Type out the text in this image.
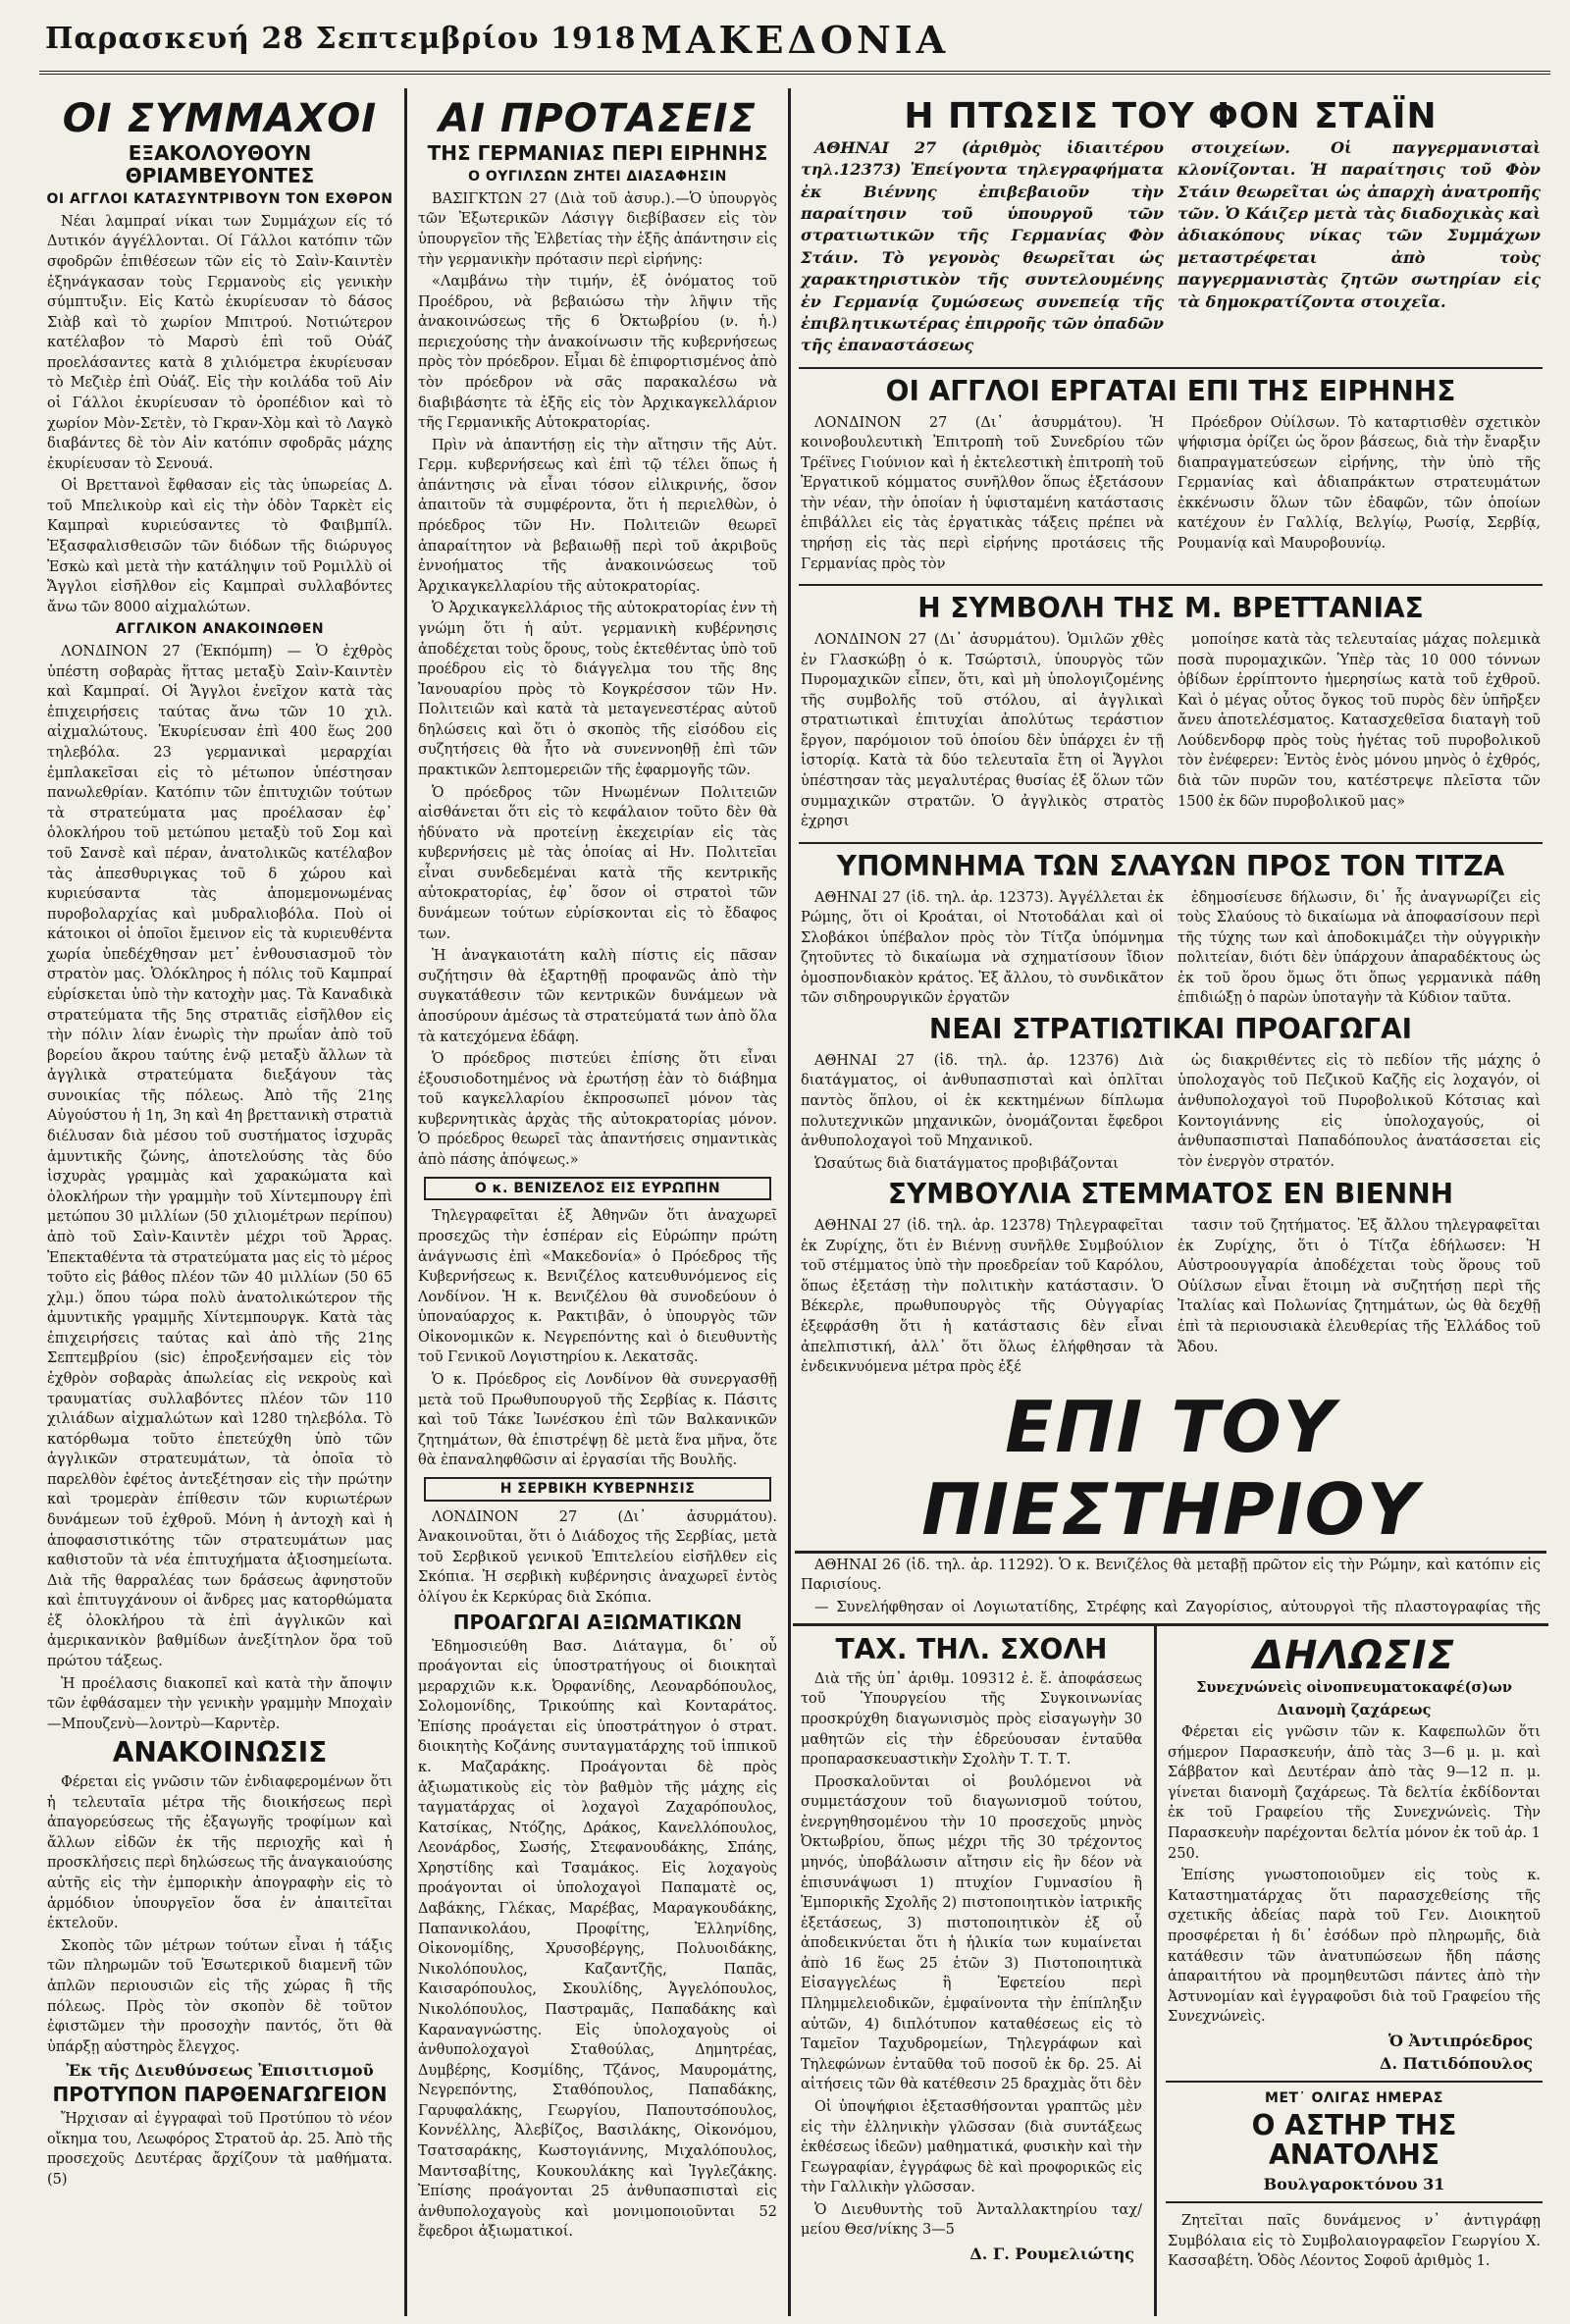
Παρασκευή 28 Σεπτεμβρίου 1918 ΜΑΚΕΔΟΝΙΑ
ΟΙ ΣΥΜΜΑΧΟΙ
ΕΞΑΚΟΛΟΥΘΟΥΝ ΘΡΙΑΜΒΕΥΟΝΤΕΣ
ΟΙ ΑΓΓΛΟΙ ΚΑΤΑΣΥΝΤΡΙΒΟΥΝ ΤΟΝ ΕΧΘΡΟΝ

Νέαι λαμπραί νίκαι των Συμμάχων είς τό Δυτικόν άγγέλλονται. Οί Γάλλοι κατόπιν τῶν σφοδρῶν ἐπιθέσεων τῶν εἰς τὸ Σαὶν-Καιντὲν ἐξηνάγκασαν τοὺς Γερμανοὺς εἰς γενικὴν σύμπτυξιν. Εἰς Κατὼ ἐκυρίευσαν τὸ δάσος Σιὰβ καὶ τὸ χωρίον Μπιτρού. Νοτιώτερον κατέλαβον τὸ Μαρσὺ ἐπὶ τοῦ Οὐάζ προελάσαντες κατὰ 8 χιλιόμετρα ἐκυρίευσαν τὸ Μεζιὲρ ἐπὶ Οὐάζ. Εἰς τὴν κοιλάδα τοῦ Αἰν οἱ Γάλλοι ἐκυρίευσαν τὸ ὀροπέδιον καὶ τὸ χωρίον Μὸν-Σετὲν, τὸ Γκραν-Χὸμ καὶ τὸ Λαγκὸ διαβάντες δὲ τὸν Αἰν κατόπιν σφοδρᾶς μάχης ἐκυρίευσαν τὸ Σενουά.

Οἱ Βρεττανοὶ ἔφθασαν εἰς τὰς ὑπωρείας Δ. τοῦ Μπελικοὺρ καὶ εἰς τὴν ὁδὸν Ταρκὲτ εἰς Καμπραὶ κυριεύσαντες τὸ Φαιβμπίλ. Ἐξασφαλισθεισῶν τῶν διόδων τῆς διώρυγος Ἐσκὼ καὶ μετὰ τὴν κατάληψιν τοῦ Ρομιλλὺ οἱ Ἄγγλοι εἰσῆλθον εἰς Καμπραὶ συλλαβόντες ἄνω τῶν 8000 αἰχμαλώτων.

ΑΓΓΛΙΚΟΝ ΑΝΑΚΟΙΝΩΘΕΝ

ΛΟΝΔΙΝΟΝ 27 (Ἐκπόμπη) — Ὁ ἐχθρὸς ὑπέστη σοβαρὰς ἥττας μεταξὺ Σαὶν-Καιντὲν καὶ Καμπραί. Οἱ Ἄγγλοι ἐνεῖχον κατὰ τὰς ἐπιχειρήσεις ταύτας ἄνω τῶν 10 χιλ. αἰχμαλώτους. Ἐκυρίευσαν ἐπὶ 400 ἕως 200 τηλεβόλα. 23 γερμανικαὶ μεραρχίαι ἐμπλακεῖσαι εἰς τὸ μέτωπον ὑπέστησαν πανωλεθρίαν. Κατόπιν τῶν ἐπιτυχιῶν τούτων τὰ στρατεύματα μας προέλασαν ἐφ᾽ ὁλοκλήρου τοῦ μετώπου μεταξὺ τοῦ Σομ καὶ τοῦ Σανσὲ καὶ πέραν, ἀνατολικῶς κατέλαβον τὰς ἀπεσθυριγκας τοῦ δ χώρου καὶ κυριεύσαντα τὰς ἀπομεμονωμένας πυροβολαρχίας καὶ μυδραλιοβόλα. Ποὺ οἱ κάτοικοι οἱ ὁποῖοι ἔμεινον εἰς τὰ κυριευθέντα χωρία ὑπεδέχθησαν μετ᾽ ἐνθουσιασμοῦ τὸν στρατὸν μας. Ὁλόκληρος ἡ πόλις τοῦ Καμπραί εὑρίσκεται ὑπὸ τὴν κατοχὴν μας. Τὰ Καναδικὰ στρατεύματα τῆς 5ης στρατιᾶς εἰσῆλθον εἰς τὴν πόλιν λίαν ἐνωρὶς τὴν πρωΐαν ἀπὸ τοῦ βορείου ἄκρου ταύτης ἐνῷ μεταξὺ ἄλλων τὰ ἀγγλικὰ στρατεύματα διεξάγουν τὰς συνοικίας τῆς πόλεως. Ἀπὸ τῆς 21ης Αὐγούστου ἡ 1η, 3η καὶ 4η βρεττανικὴ στρατιὰ διέλυσαν διὰ μέσου τοῦ συστήματος ἰσχυρᾶς ἀμυντικῆς ζώνης, ἀποτελούσης τὰς δύο ἰσχυρὰς γραμμὰς καὶ χαρακώματα καὶ ὀλοκλήρων τὴν γραμμὴν τοῦ Χίντεμπουργ ἐπὶ μετώπου 30 μιλλίων (50 χιλιομέτρων περίπου) ἀπὸ τοῦ Σαὶν-Καιντὲν μέχρι τοῦ Ἄρρας. Ἐπεκταθέντα τὰ στρατεύματα μας εἰς τὸ μέρος τοῦτο εἰς βάθος πλέον τῶν 40 μιλλίων (50 65 χλμ.) ὅπου τώρα πολὺ ἀνατολικώτερον τῆς ἀμυντικῆς γραμμῆς Χίντεμπουργκ. Κατὰ τὰς ἐπιχειρήσεις ταύτας καὶ ἀπὸ τῆς 21ης Σεπτεμβρίου (sic) ἐπροξενήσαμεν εἰς τὸν ἐχθρὸν σοβαρὰς ἀπωλείας εἰς νεκροὺς καὶ τραυματίας συλλαβόντες πλέον τῶν 110 χιλιάδων αἰχμαλώτων καὶ 1280 τηλεβόλα. Τὸ κατόρθωμα τοῦτο ἐπετεύχθη ὑπὸ τῶν ἀγγλικῶν στρατευμάτων, τὰ ὁποῖα τὸ παρελθὸν ἐφέτος ἀντεξέτησαν εἰς τὴν πρώτην καὶ τρομερὰν ἐπίθεσιν τῶν κυριωτέρων δυνάμεων τοῦ ἐχθροῦ. Μόνη ἡ ἀντοχὴ καὶ ἡ ἀποφασιστικότης τῶν στρατευμάτων μας καθιστοῦν τὰ νέα ἐπιτυχήματα ἀξιοσημείωτα. Διὰ τῆς θαρραλέας των δράσεως ἀφνηστοῦν καὶ ἐπιτυγχάνουν οἱ ἄνδρες μας κατορθώματα ἐξ ὁλοκλήρου τὰ ἐπὶ ἀγγλικῶν καὶ ἀμερικανικὸν βαθμίδων ἀνεξίτηλον ὅρα τοῦ πρώτου τάξεως.

Ἡ προέλασις διακοπεῖ καὶ κατὰ τὴν ἄποψιν τῶν ἐφθάσαμεν τὴν γενικὴν γραμμὴν Μποχαὶν—Μπουζενὺ—λοντρὺ—Καρντὲρ.

ΑΝΑΚΟΙΝΩΣΙΣ

Φέρεται εἰς γνῶσιν τῶν ἐνδιαφερομένων ὅτι ἡ τελευταῖα μέτρα τῆς διοικήσεως περὶ ἀπαγορεύσεως τῆς ἐξαγωγῆς τροφίμων καὶ ἄλλων εἰδῶν ἐκ τῆς περιοχῆς καὶ ἡ προσκλήσεις περὶ δηλώσεως τῆς ἀναγκαιούσης αὐτῆς εἰς τὴν ἐμπορικὴν ἀπογραφὴν εἰς τὸ ἀρμόδιον ὑπουργεῖον ὅσα ἐν ἀπαιτεῖται ἐκτελοῦν.

Σκοπὸς τῶν μέτρων τούτων εἶναι ἡ τάξις τῶν πληρωμῶν τοῦ Ἐσωτερικοῦ διαμενῆ τῶν ἀπλῶν περιουσιῶν εἰς τῆς χώρας ἢ τῆς πόλεως. Πρὸς τὸν σκοπὸν δὲ τοῦτον ἐφιστῶμεν τὴν προσοχὴν παντός, ὅτι θὰ ὑπάρξῃ αὐστηρὸς ἔλεγχος.

Ἐκ τῆς Διευθύνσεως Ἐπισιτισμοῦ
ΠΡΟΤΥΠΟΝ ΠΑΡΘΕΝΑΓΩΓΕΙΟΝ

Ἤρχισαν αἱ ἐγγραφαὶ τοῦ Προτύπου τὸ νέον οἴκημα του, Λεωφόρος Στρατοῦ ἀρ. 25. Ἀπὸ τῆς προσεχοῦς Δευτέρας ἄρχίζουν τὰ μαθήματα. (5)

ΑΙ ΠΡΟΤΑΣΕΙΣ
ΤΗΣ ΓΕΡΜΑΝΙΑΣ ΠΕΡΙ ΕΙΡΗΝΗΣ
Ο ΟΥΓΙΛΣΩΝ ΖΗΤΕΙ ΔΙΑΣΑΦΗΣΙΝ

ΒΑΣΙΓΚΤΩΝ 27 (Διὰ τοῦ ἀσυρ.).—Ὁ ὑπουργὸς τῶν Ἐξωτερικῶν Λάσιγγ διεβίβασεν εἰς τὸν ὑπουργεῖον τῆς Ἐλβετίας τὴν ἑξῆς ἀπάντησιν εἰς τὴν γερμανικὴν πρότασιν περὶ εἰρήνης:

«Λαμβάνω τὴν τιμήν, ἐξ ὀνόματος τοῦ Προέδρου, νὰ βεβαιώσω τὴν λῆψιν τῆς ἀνακοινώσεως τῆς 6 Ὀκτωβρίου (ν. ἡ.) περιεχούσης τὴν ἀνακοίνωσιν τῆς κυβερνήσεως πρὸς τὸν πρόεδρον. Εἶμαι δὲ ἐπιφορτισμένος ἀπὸ τὸν πρόεδρον νὰ σᾶς παρακαλέσω νὰ διαβιβάσητε τὰ ἑξῆς εἰς τὸν Ἀρχικαγκελλάριον τῆς Γερμανικῆς Αὐτοκρατορίας.

Πρὶν νὰ ἀπαντήσῃ εἰς τὴν αἴτησιν τῆς Αὐτ. Γερμ. κυβερνήσεως καὶ ἐπὶ τῷ τέλει ὅπως ἡ ἀπάντησις νὰ εἶναι τόσον εἰλικρινής, ὅσον ἀπαιτοῦν τὰ συμφέροντα, ὅτι ἡ περιελθὼν, ὁ πρόεδρος τῶν Ην. Πολιτειῶν θεωρεῖ ἀπαραίτητον νὰ βεβαιωθῇ περὶ τοῦ ἀκριβοῦς ἐννοήματος τῆς ἀνακοινώσεως τοῦ Ἀρχικαγκελλαρίου τῆς αὐτοκρατορίας.

Ὁ Ἀρχικαγκελλάριος τῆς αὐτοκρατορίας ἐνν τὴ γνώμη ὅτι ἡ αὐτ. γερμανικὴ κυβέρνησις ἀποδέχεται τοὺς ὅρους, τοὺς ἐκτεθέντας ὑπὸ τοῦ προέδρου εἰς τὸ διάγγελμα του τῆς 8ης Ἰανουαρίου πρὸς τὸ Κογκρέσσον τῶν Ην. Πολιτειῶν καὶ κατὰ τὰ μεταγενεστέρας αὐτοῦ δηλώσεις καὶ ὅτι ὁ σκοπὸς τῆς εἰσόδου εἰς συζητήσεις θὰ ἦτο νὰ συνεννοηθῇ ἐπὶ τῶν πρακτικῶν λεπτομερειῶν τῆς ἐφαρμογῆς τῶν.

Ὁ πρόεδρος τῶν Ηνωμένων Πολιτειῶν αἰσθάνεται ὅτι εἰς τὸ κεφάλαιον τοῦτο δὲν θὰ ἠδύνατο νὰ προτείνῃ ἐκεχειρίαν εἰς τὰς κυβερνήσεις μὲ τὰς ὁποίας αἱ Ην. Πολιτεῖαι εἶναι συνδεδεμέναι κατὰ τῆς κεντρικῆς αὐτοκρατορίας, ἐφ᾽ ὅσον οἱ στρατοὶ τῶν δυνάμεων τούτων εὑρίσκονται εἰς τὸ ἔδαφος των.

Ἡ ἀναγκαιοτάτη καλὴ πίστις εἰς πᾶσαν συζήτησιν θὰ ἐξαρτηθῇ προφανῶς ἀπὸ τὴν συγκατάθεσιν τῶν κεντρικῶν δυνάμεων νὰ ἀποσύρουν ἀμέσως τὰ στρατεύματά των ἀπὸ ὅλα τὰ κατεχόμενα ἐδάφη.

Ὁ πρόεδρος πιστεύει ἐπίσης ὅτι εἶναι ἐξουσιοδοτημένος νὰ ἐρωτήσῃ ἐὰν τὸ διάβημα τοῦ καγκελλαρίου ἐκπροσωπεῖ μόνον τὰς κυβερνητικὰς ἀρχὰς τῆς αὐτοκρατορίας μόνον. Ὁ πρόεδρος θεωρεῖ τὰς ἀπαντήσεις σημαντικὰς ἀπὸ πάσης ἀπόψεως.»

Ο κ. ΒΕΝΙΖΕΛΟΣ ΕΙΣ ΕΥΡΩΠΗΝ

Τηλεγραφεῖται ἐξ Ἀθηνῶν ὅτι ἀναχωρεῖ προσεχῶς τὴν ἑσπέραν εἰς Εὐρώπην πρώτη ἀνάγνωσις ἐπὶ «Μακεδονία» ὁ Πρόεδρος τῆς Κυβερνήσεως κ. Βενιζέλος κατευθυνόμενος εἰς Λονδίνον. Ἡ κ. Βενιζέλου θὰ συνοδεύουν ὁ ὑποναύαρχος κ. Ρακτιβᾶν, ὁ ὑπουργὸς τῶν Οἰκονομικῶν κ. Νεγρεπόντης καὶ ὁ διευθυντὴς τοῦ Γενικοῦ Λογιστηρίου κ. Λεκατσᾶς.

Ὁ κ. Πρόεδρος εἰς Λονδίνον θὰ συνεργασθῇ μετὰ τοῦ Πρωθυπουργοῦ τῆς Σερβίας κ. Πάσιτς καὶ τοῦ Τάκε Ἰωνέσκου ἐπὶ τῶν Βαλκανικῶν ζητημάτων, θὰ ἐπιστρέψῃ δὲ μετὰ ἕνα μῆνα, ὅτε θὰ ἐπαναληφθῶσιν αἱ ἐργασίαι τῆς Βουλῆς.

Η ΣΕΡΒΙΚΗ ΚΥΒΕΡΝΗΣΙΣ

ΛΟΝΔΙΝΟΝ 27 (Δι᾽ ἀσυρμάτου). Ἀνακοινοῦται, ὅτι ὁ Διάδοχος τῆς Σερβίας, μετὰ τοῦ Σερβικοῦ γενικοῦ Ἐπιτελείου εἰσῆλθεν εἰς Σκόπια. Ἡ σερβικὴ κυβέρνησις ἀναχωρεῖ ἐντὸς ὀλίγου ἐκ Κερκύρας διὰ Σκόπια.

ΠΡΟΑΓΩΓΑΙ ΑΞΙΩΜΑΤΙΚΩΝ

Ἐδημοσιεύθη Βασ. Διάταγμα, δι᾽ οὗ προάγονται εἰς ὑποστρατήγους οἱ διοικηταὶ μεραρχιῶν κ.κ. Ὀρφανίδης, Λεοναρδόπουλος, Σολομονίδης, Τρικούπης καὶ Κονταράτος. Ἐπίσης προάγεται εἰς ὑποστράτηγον ὁ στρατ. διοικητὴς Κοζάνης συνταγματάρχης τοῦ ἱππικοῦ κ. Μαζαράκης. Προάγονται δὲ πρὸς ἀξιωματικοὺς εἰς τὸν βαθμὸν τῆς μάχης εἰς ταγματάρχας οἱ λοχαγοὶ Ζαχαρόπουλος, Κατσίκας, Ντόζης, Δράκος, Κανελλόπουλος, Λεονάρδος, Σωσής, Στεφανουδάκης, Σπάης, Χρηστίδης καὶ Τσαμάκος. Εἰς λοχαγοὺς προάγονται οἱ ὑπολοχαγοὶ Παπαματὲ ος, Δαβάκης, Γλέκας, Μαρέβας, Μαραγκουδάκης, Παπανικολάου, Προφίτης, Ἐλληνίδης, Οἰκονομίδης, Χρυσοβέργης, Πολυοιδάκης, Νικολόπουλος, Καζαντζῆς, Παπᾶς, Καισαρόπουλος, Σκουλίδης, Ἀγγελόπουλος, Νικολόπουλος, Παστραμᾶς, Παπαδάκης καὶ Καραναγνώστης. Εἰς ὑπολοχαγοὺς οἱ ἀνθυπολοχαγοὶ Σταθούλας, Δημητρέας, Δυμβέρης, Κοσμίδης, Τζάνος, Μαυρομάτης, Νεγρεπόντης, Σταθόπουλος, Παπαδάκης, Γαρυφαλάκης, Γεωργίου, Παπουτσόπουλος, Κοννέλλης, Ἀλεβίζος, Βασιλάκης, Οἰκονόμου, Τσατσαράκης, Κωστογιάννης, Μιχαλόπουλος, Μαντσαβίτης, Κουκουλάκης καὶ Ἰγγλεζάκης. Ἐπίσης προάγονται 25 ἀνθυπασπισταὶ εἰς ἀνθυπολοχαγοὺς καὶ μονιμοποιοῦνται 52 ἔφεδροι ἀξιωματικοί.

Η ΠΤΩΣΙΣ ΤΟΥ ΦΟΝ ΣΤΑΪΝ

ΑΘΗΝΑΙ 27 (ἀριθμὸς ἰδιαιτέρου τηλ.12373) Ἐπείγοντα τηλεγραφήματα ἐκ Βιέννης ἐπιβεβαιοῦν τὴν παραίτησιν τοῦ ὑπουργοῦ τῶν στρατιωτικῶν τῆς Γερμανίας Φὸν Στάιν. Τὸ γεγονὸς θεωρεῖται ὡς χαρακτηριστικὸν τῆς συντελουμένης ἐν Γερμανίᾳ ζυμώσεως συνεπείᾳ τῆς ἐπιβλητικωτέρας ἐπιρροῆς τῶν ὀπαδῶν τῆς ἐπαναστάσεως

στοιχείων. Οἱ παγγερμανισταὶ κλονίζονται. Ἡ παραίτησις τοῦ Φὸν Στάιν θεωρεῖται ὡς ἀπαρχὴ ἀνατροπῆς τῶν. Ὁ Κάιζερ μετὰ τὰς διαδοχικὰς καὶ ἀδιακόπους νίκας τῶν Συμμάχων μεταστρέφεται ἀπὸ τοὺς παγγερμανιστὰς ζητῶν σωτηρίαν εἰς τὰ δημοκρατίζοντα στοιχεῖα.

ΟΙ ΑΓΓΛΟΙ ΕΡΓΑΤΑΙ ΕΠΙ ΤΗΣ ΕΙΡΗΝΗΣ

ΛΟΝΔΙΝΟΝ 27 (Δι᾽ ἀσυρμάτου). Ἡ κοινοβουλευτικὴ Ἐπιτροπὴ τοῦ Συνεδρίου τῶν Τρέϊνες Γιούνιον καὶ ἡ ἐκτελεστικὴ ἐπιτροπὴ τοῦ Ἐργατικοῦ κόμματος συνῆλθον ὅπως ἐξετάσουν τὴν νέαν, τὴν ὁποίαν ἡ ὑφισταμένη κατάστασις ἐπιβάλλει εἰς τὰς ἐργατικὰς τάξεις πρέπει νὰ τηρήσῃ εἰς τὰς περὶ εἰρήνης προτάσεις τῆς Γερμανίας πρὸς τὸν

Πρόεδρον Οὐίλσων. Τὸ καταρτισθὲν σχετικὸν ψήφισμα ὁρίζει ὡς ὅρον βάσεως, διὰ τὴν ἔναρξιν διαπραγματεύσεων εἰρήνης, τὴν ὑπὸ τῆς Γερμανίας καὶ ἀδιαπράκτων στρατευμάτων ἐκκένωσιν ὅλων τῶν ἐδαφῶν, τῶν ὁποίων κατέχουν ἐν Γαλλίᾳ, Βελγίῳ, Ρωσίᾳ, Σερβίᾳ, Ρουμανίᾳ καὶ Μαυροβουνίῳ.

Η ΣΥΜΒΟΛΗ ΤΗΣ Μ. ΒΡΕΤΤΑΝΙΑΣ

ΛΟΝΔΙΝΟΝ 27 (Δι᾽ ἀσυρμάτου). Ὁμιλῶν χθὲς ἐν Γλασκώβῃ ὁ κ. Τσώρτσιλ, ὑπουργὸς τῶν Πυρομαχικῶν εἶπεν, ὅτι, καὶ μὴ ὑπολογιζομένης τῆς συμβολῆς τοῦ στόλου, αἱ ἀγγλικαὶ στρατιωτικαὶ ἐπιτυχίαι ἀπολύτως τεράστιον ἔργον, παρόμοιον τοῦ ὁποίου δὲν ὑπάρχει ἐν τῇ ἱστορίᾳ. Κατὰ τὰ δύο τελευταῖα ἔτη οἱ Ἄγγλοι ὑπέστησαν τὰς μεγαλυτέρας θυσίας ἐξ ὅλων τῶν συμμαχικῶν στρατῶν. Ὁ ἀγγλικὸς στρατὸς ἐχρησι

μοποίησε κατὰ τὰς τελευταίας μάχας πολεμικὰ ποσὰ πυρομαχικῶν. Ὑπὲρ τὰς 10 000 τόννων ὀβίδων ἐρρίπτοντο ἡμερησίως κατὰ τοῦ ἐχθροῦ. Καὶ ὁ μέγας οὗτος ὄγκος τοῦ πυρὸς δὲν ὑπῆρξεν ἄνευ ἀποτελέσματος. Κατασχεθεῖσα διαταγὴ τοῦ Λούδενδορφ πρὸς τοὺς ἡγέτας τοῦ πυροβολικοῦ τὸν ἐνέφερεν: Ἐντὸς ἑνὸς μόνου μηνὸς ὁ ἐχθρός, διὰ τῶν πυρῶν του, κατέστρεψε πλεῖστα τῶν 1500 ἐκ δῶν πυροβολικοῦ μας»

ΥΠΟΜΝΗΜΑ ΤΩΝ ΣΛΑΥΩΝ ΠΡΟΣ ΤΟΝ ΤΙΤΖΑ

ΑΘΗΝΑΙ 27 (ἰδ. τηλ. ἀρ. 12373). Ἀγγέλλεται ἐκ Ρώμης, ὅτι οἱ Κροάται, οἱ Ντοτοδάλαι καὶ οἱ Σλοβάκοι ὑπέβαλον πρὸς τὸν Τίτζα ὑπόμνημα ζητοῦντες τὸ δικαίωμα νὰ σχηματίσουν ἴδιον ὁμοσπονδιακὸν κράτος. Ἐξ ἄλλου, τὸ συνδικᾶτον τῶν σιδηρουργικῶν ἐργατῶν

ἐδημοσίευσε δήλωσιν, δι᾽ ἧς ἀναγνωρίζει εἰς τοὺς Σλαύους τὸ δικαίωμα νὰ ἀποφασίσουν περὶ τῆς τύχης των καὶ ἀποδοκιμάζει τὴν οὐγγρικὴν πολιτείαν, διότι δὲν ὑπάρχουν ἀπαραδέκτους ὡς ἐκ τοῦ ὅρου ὅμως ὅτι ὅπως γερμανικὰ πάθη ἐπιδιώξῃ ὁ παρὼν ὑποταγὴν τὰ Κύδιον ταῦτα.

ΝΕΑΙ ΣΤΡΑΤΙΩΤΙΚΑΙ ΠΡΟΑΓΩΓΑΙ

ΑΘΗΝΑΙ 27 (ἰδ. τηλ. ἀρ. 12376) Διὰ διατάγματος, οἱ ἀνθυπασπισταὶ καὶ ὁπλῖται παντὸς ὅπλου, οἱ ἐκ κεκτημένων δίπλωμα πολυτεχνικῶν μηχανικῶν, ὀνομάζονται ἔφεδροι ἀνθυπολοχαγοὶ τοῦ Μηχανικοῦ.

Ὡσαύτως διὰ διατάγματος προβιβάζονται

ὡς διακριθέντες εἰς τὸ πεδίον τῆς μάχης ὁ ὑπολοχαγὸς τοῦ Πεζικοῦ Καζῆς εἰς λοχαγόν, οἱ ἀνθυπολοχαγοὶ τοῦ Πυροβολικοῦ Κότσιας καὶ Κοντογιάννης εἰς ὑπολοχαγούς, οἱ ἀνθυπασπισταὶ Παπαδόπουλος ἀνατάσσεται εἰς τὸν ἐνεργὸν στρατόν.

ΣΥΜΒΟΥΛΙΑ ΣΤΕΜΜΑΤΟΣ ΕΝ ΒΙΕΝΝΗ

ΑΘΗΝΑΙ 27 (ἰδ. τηλ. ἀρ. 12378) Τηλεγραφεῖται ἐκ Ζυρίχης, ὅτι ἐν Βιέννῃ συνῆλθε Συμβούλιον τοῦ στέμματος ὑπὸ τὴν προεδρείαν τοῦ Καρόλου, ὅπως ἐξετάσῃ τὴν πολιτικὴν κατάστασιν. Ὁ Βέκερλε, πρωθυπουργὸς τῆς Οὐγγαρίας ἐξεφράσθη ὅτι ἡ κατάστασις δὲν εἶναι ἀπελπιστική, ἀλλ᾽ ὅτι ὅλως ἐλήφθησαν τὰ ἐνδεικνυόμενα μέτρα πρὸς ἐξέ

τασιν τοῦ ζητήματος. Ἐξ ἄλλου τηλεγραφεῖται ἐκ Ζυρίχης, ὅτι ὁ Τίτζα ἐδήλωσεν: Ἡ Αὐστροουγγαρία ἀποδέχεται τοὺς ὅρους τοῦ Οὐίλσων εἶναι ἕτοιμη νὰ συζητήσῃ περὶ τῆς Ἰταλίας καὶ Πολωνίας ζητημάτων, ὡς θὰ δεχθῇ ἐπὶ τὰ περιουσιακὰ ἐλευθερίας τῆς Ἑλλάδος τοῦ Ἄδου.

ΕΠΙ ΤΟΥ ΠΙΕΣΤΗΡΙΟΥ

ΑΘΗΝΑΙ 26 (ἰδ. τηλ. ἀρ. 11292). Ὁ κ. Βενιζέλος θὰ μεταβῇ πρῶτον εἰς τὴν Ρώμην, καὶ κατόπιν εἰς Παρισίους.

— Συνελήφθησαν οἱ Λογιωτατίδης, Στρέφης καὶ Ζαγορίσιος, αὐτουργοὶ τῆς πλαστογραφίας τῆς

ΤΑΧ. ΤΗΛ. ΣΧΟΛΗ

Διὰ τῆς ὑπ᾽ ἀριθμ. 109312 ἐ. ἔ. ἀποφάσεως τοῦ Ὑπουργείου τῆς Συγκοινωνίας προσκρύχθη διαγωνισμὸς πρὸς εἰσαγωγὴν 30 μαθητῶν εἰς τὴν ἐδρεύουσαν ἐνταῦθα προπαρασκευαστικὴν Σχολὴν Τ. Τ. Τ.

Προσκαλοῦνται οἱ βουλόμενοι νὰ συμμετάσχουν τοῦ διαγωνισμοῦ τούτου, ἐνεργηθησομένου τὴν 10 προσεχοῦς μηνὸς Ὀκτωβρίου, ὅπως μέχρι τῆς 30 τρέχοντος μηνός, ὑποβάλωσιν αἴτησιν εἰς ἣν δέον νὰ ἐπισυνάψωσι 1) πτυχίον Γυμνασίου ἢ Ἐμπορικῆς Σχολῆς 2) πιστοποιητικὸν ἰατρικῆς ἐξετάσεως, 3) πιστοποιητικὸν ἐξ οὗ ἀποδεικνύεται ὅτι ἡ ἡλικία των κυμαίνεται ἀπὸ 16 ἕως 25 ἐτῶν 3) Πιστοποιητικὰ Εἰσαγγελέως ἢ Ἐφετείου περὶ Πλημμελειοδικῶν, ἐμφαίνοντα τὴν ἐπίπληξιν αὐτῶν, 4) διπλότυπον καταθέσεως εἰς τὸ Ταμεῖον Ταχυδρομείων, Τηλεγράφων καὶ Τηλεφώνων ἐνταῦθα τοῦ ποσοῦ ἐκ δρ. 25. Αἱ αἰτήσεις τῶν θὰ κατέθεσιν 25 δραχμὰς ὅτι δὲν

Οἱ ὑποψήφιοι ἐξετασθήσονται γραπτῶς μὲν εἰς τὴν ἑλληνικὴν γλῶσσαν (διὰ συντάξεως ἐκθέσεως ἰδεῶν) μαθηματικά, φυσικὴν καὶ τὴν Γεωγραφίαν, ἐγγράφως δὲ καὶ προφορικῶς εἰς τὴν Γαλλικὴν γλῶσσαν.

Ὁ Διευθυντὴς τοῦ Ἀνταλλακτηρίου ταχ/μείου Θεσ/νίκης 3—5

Δ. Γ. Ρουμελιώτης
ΔΗΛΩΣΙΣ

Συνεχνώνεὶς οἰνοπνευματοκαφέ(σ)ων

Διανομὴ ζαχάρεως

Φέρεται εἰς γνῶσιν τῶν κ. Καφεπωλῶν ὅτι σήμερον Παρασκευήν, ἀπὸ τὰς 3—6 μ. μ. καὶ Σάββατον καὶ Δευτέραν ἀπὸ τὰς 9—12 π. μ. γίνεται διανομὴ ζαχάρεως. Τὰ δελτία ἐκδίδονται ἐκ τοῦ Γραφείου τῆς Συνεχνώνεὶς. Τὴν Παρασκευὴν παρέχονται δελτία μόνον ἐκ τοῦ ἀρ. 1 250.

Ἐπίσης γνωστοποιοῦμεν εἰς τοὺς κ. Καταστηματάρχας ὅτι παρασχεθείσης τῆς σχετικῆς ἀδείας παρὰ τοῦ Γεν. Διοικητοῦ προσφέρεται ἡ δι᾽ ἐσόδων πρὸ πληρωμῆς, διὰ κατάθεσιν τῶν ἀνατυπώσεων ἤδη πάσης ἀπαραιτήτου νὰ προμηθευτῶσι πάντες ἀπὸ τὴν Ἀστυνομίαν καὶ ἐγγραφοῦσι διὰ τοῦ Γραφείου τῆς Συνεχνώνεὶς.

Ὁ Ἀντιπρόεδρος
Δ. Πατιδόπουλος
ΜΕΤ᾽ ΟΛΙΓΑΣ ΗΜΕΡΑΣ
Ο ΑΣΤΗΡ ΤΗΣ ΑΝΑΤΟΛΗΣ
Βουλγαροκτόνου 31

Ζητεῖται παῖς δυνάμενος ν᾽ ἀντιγράφῃ Συμβόλαια εἰς τὸ Συμβολαιογραφεῖον Γεωργίου Χ. Κασσαβέτη. Ὁδὸς Λέοντος Σοφοῦ ἀριθμὸς 1.
